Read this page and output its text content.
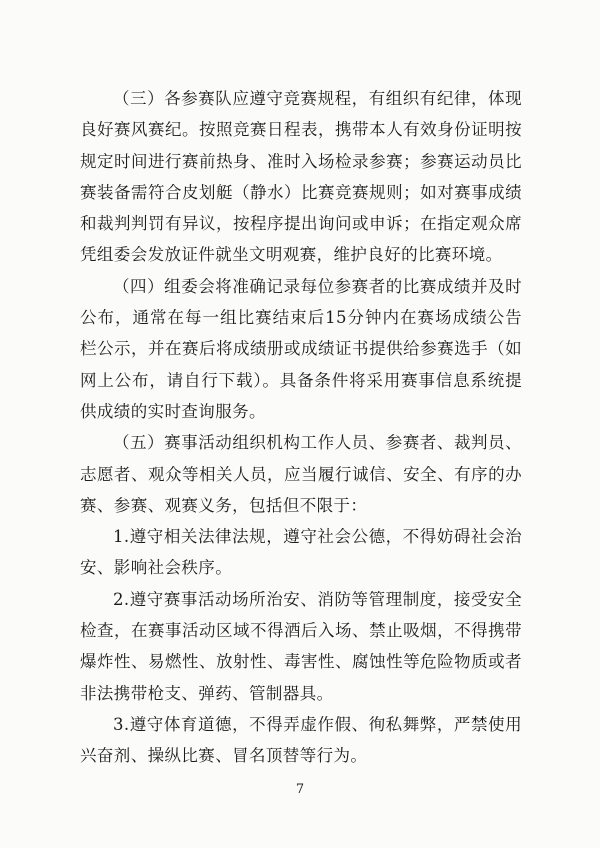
（三）各参赛队应遵守竞赛规程，有组织有纪律，体现良好赛风赛纪。按照竞赛日程表，携带本人有效身份证明按规定时间进行赛前热身、准时入场检录参赛；参赛运动员比赛装备需符合皮划艇（静水）比赛竞赛规则；如对赛事成绩和裁判判罚有异议，按程序提出询问或申诉；在指定观众席凭组委会发放证件就坐文明观赛，维护良好的比赛环境。

（四）组委会将准确记录每位参赛者的比赛成绩并及时公布，通常在每一组比赛结束后15分钟内在赛场成绩公告栏公示，并在赛后将成绩册或成绩证书提供给参赛选手（如网上公布，请自行下载）。具备条件将采用赛事信息系统提供成绩的实时查询服务。

（五）赛事活动组织机构工作人员、参赛者、裁判员、志愿者、观众等相关人员，应当履行诚信、安全、有序的办赛、参赛、观赛义务，包括但不限于：

1.遵守相关法律法规，遵守社会公德，不得妨碍社会治安、影响社会秩序。

2.遵守赛事活动场所治安、消防等管理制度，接受安全检查，在赛事活动区域不得酒后入场、禁止吸烟，不得携带爆炸性、易燃性、放射性、毒害性、腐蚀性等危险物质或者非法携带枪支、弹药、管制器具。

3.遵守体育道德，不得弄虚作假、徇私舞弊，严禁使用兴奋剂、操纵比赛、冒名顶替等行为。

7
